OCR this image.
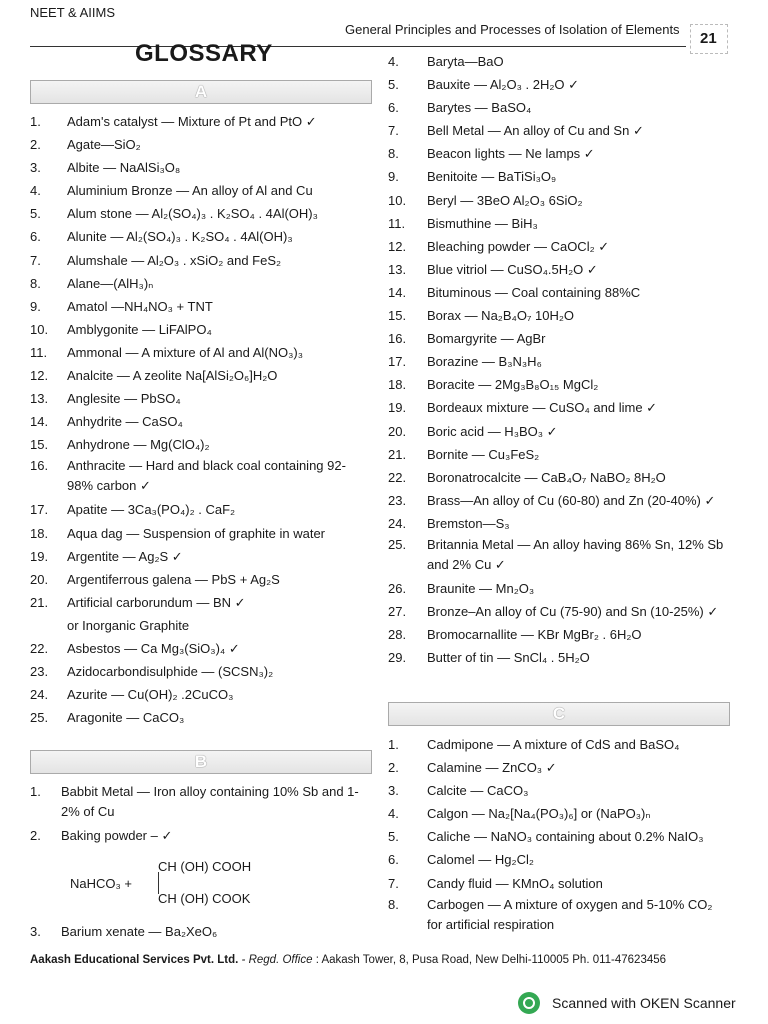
NEET & AIIMS
General Principles and Processes of Isolation of Elements
21
GLOSSARY
A
B
C
1. Adam's catalyst — Mixture of Pt and PtO ✓
2. Agate—SiO₂
3. Albite — NaAlSi₃O₈
4. Aluminium Bronze — An alloy of Al and Cu
5. Alum stone — Al₂(SO₄)₃ . K₂SO₄ . 4Al(OH)₃
6. Alunite — Al₂(SO₄)₃ . K₂SO₄ . 4Al(OH)₃
7. Alumshale — Al₂O₃ . xSiO₂ and FeS₂
8. Alane—(AlH₃)ₙ
9. Amatol —NH₄NO₃ + TNT
10. Amblygonite — LiFAlPO₄
11. Ammonal — A mixture of Al and Al(NO₃)₃
12. Analcite — A zeolite Na[AlSi₂O₆]H₂O
13. Anglesite — PbSO₄
14. Anhydrite — CaSO₄
15. Anhydrone — Mg(ClO₄)₂
16. Anthracite — Hard and black coal containing 92-98% carbon ✓
17. Apatite — 3Ca₃(PO₄)₂ . CaF₂
18. Aqua dag — Suspension of graphite in water
19. Argentite — Ag₂S ✓
20. Argentiferrous galena — PbS + Ag₂S
21. Artificial carborundum — BN ✓
or Inorganic Graphite
22. Asbestos — Ca Mg₃(SiO₃)₄ ✓
23. Azidocarbondisulphide — (SCSN₃)₂
24. Azurite — Cu(OH)₂ .2CuCO₃
25. Aragonite — CaCO₃
1. Babbit Metal — Iron alloy containing 10% Sb and 1-2% of Cu
2. Baking powder – ✓
NaHCO₃ +
CH (OH) COOH
CH (OH) COOK
3. Barium xenate — Ba₂XeO₆
4. Baryta—BaO
5. Bauxite — Al₂O₃ . 2H₂O ✓
6. Barytes — BaSO₄
7. Bell Metal — An alloy of Cu and Sn ✓
8. Beacon lights — Ne lamps ✓
9. Benitoite — BaTiSi₃O₉
10. Beryl — 3BeO Al₂O₃ 6SiO₂
11. Bismuthine — BiH₃
12. Bleaching powder — CaOCl₂ ✓
13. Blue vitriol — CuSO₄.5H₂O ✓
14. Bituminous — Coal containing 88%C
15. Borax — Na₂B₄O₇ 10H₂O
16. Bomargyrite — AgBr
17. Borazine — B₃N₃H₆
18. Boracite — 2Mg₃B₈O₁₅ MgCl₂
19. Bordeaux mixture — CuSO₄ and lime ✓
20. Boric acid — H₃BO₃ ✓
21. Bornite — Cu₃FeS₂
22. Boronatrocalcite — CaB₄O₇ NaBO₂ 8H₂O
23. Brass—An alloy of Cu (60-80) and Zn (20-40%) ✓
24. Bremston—S₃
25. Britannia Metal — An alloy having 86% Sn, 12% Sb and 2% Cu ✓
26. Braunite — Mn₂O₃
27. Bronze–An alloy of Cu (75-90) and Sn (10-25%) ✓
28. Bromocarnallite — KBr MgBr₂ . 6H₂O
29. Butter of tin — SnCl₄ . 5H₂O
1. Cadmipone — A mixture of CdS and BaSO₄
2. Calamine — ZnCO₃ ✓
3. Calcite — CaCO₃
4. Calgon — Na₂[Na₄(PO₃)₆] or (NaPO₃)ₙ
5. Caliche — NaNO₃ containing about 0.2% NaIO₃
6. Calomel — Hg₂Cl₂
7. Candy fluid — KMnO₄ solution
8. Carbogen — A mixture of oxygen and 5-10% CO₂ for artificial respiration
Aakash Educational Services Pvt. Ltd. - Regd. Office : Aakash Tower, 8, Pusa Road, New Delhi-110005 Ph. 011-47623456
Scanned with OKEN Scanner
